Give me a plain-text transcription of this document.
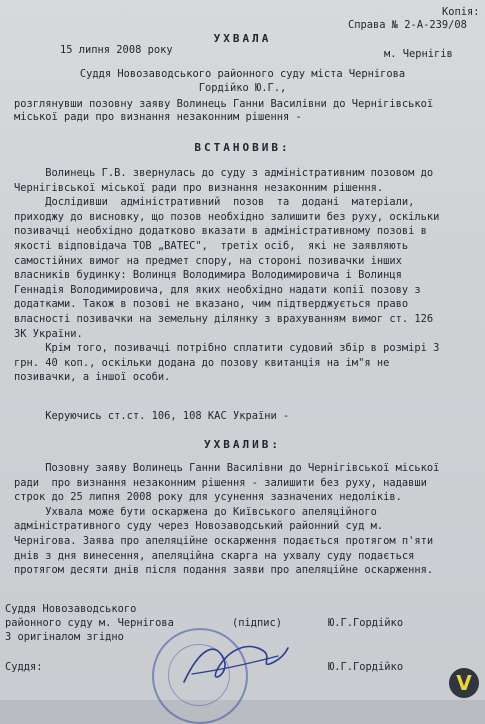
Копія:
Справа № 2-А-239/08
УХВАЛА
15 липня 2008 року	м. Чернігів
Суддя Новозаводського районного суду міста Чернігова
Гордійко Ю.Г.,
розглянувши позовну заяву Волинець Ганни Василівни до Чернігівської
міської ради про визнання незаконним рішення -
ВСТАНОВИВ:
Волинець Г.В. звернулась до суду з адміністративним позовом до
Чернігівської міської ради про визнання незаконним рішення.
Дослідивши  адміністративний  позов  та  додані  матеріали,
приходжу до висновку, що позов необхідно залишити без руху, оскільки
позивачці необхідно додатково вказати в адміністративному позові в
якості відповідача ТОВ „ВАТЕС",  третіх осіб,  які не заявляють
самостійних вимог на предмет спору, на стороні позивачки інших
власників будинку: Волинця Володимира Володимировича і Волинця
Геннадія Володимировича, для яких необхідно надати копії позову з
додатками. Також в позові не вказано, чим підтверджується право
власності позивачки на земельну ділянку з врахуванням вимог ст. 126
ЗК України.
Крім того, позивачці потрібно сплатити судовий збір в розмірі 3
грн. 40 коп., оскільки додана до позову квитанція на ім"я не
позивачки, а іншої особи.
Керуючись ст.ст. 106, 108 КАС України -
УХВАЛИВ:
Позовну заяву Волинець Ганни Василівни до Чернігівської міської
ради  про визнання незаконним рішення - залишити без руху, надавши
строк до 25 липня 2008 року для усунення зазначених недоліків.
Ухвала може бути оскаржена до Київського апеляційного
адміністративного суду через Новозаводський районний суд м.
Чернігова. Заява про апеляційне оскарження подається протягом п'яти
днів з дня винесення, апеляційна скарга на ухвалу суду подається
протягом десяти днів після подання заяви про апеляційне оскарження.
Суддя Новозаводського
районного суду м. Чернігова	(підпис)	Ю.Г.Гордійко
З оригіналом згідно
Суддя:	Ю.Г.Гордійко
V
